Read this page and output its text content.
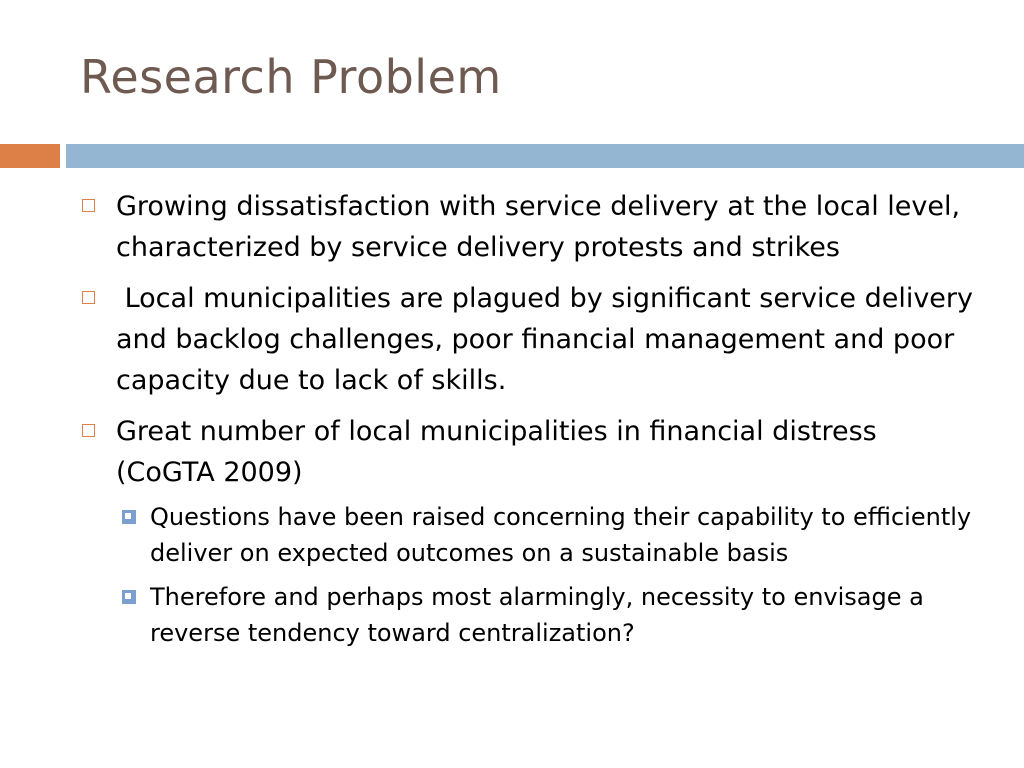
Research Problem
Growing dissatisfaction with service delivery at the local level, characterized by service delivery protests and strikes
Local municipalities are plagued by significant service delivery and backlog challenges, poor financial management and poor capacity due to lack of skills.
Great number of local municipalities in financial distress (CoGTA 2009)
Questions have been raised concerning their capability to efficiently deliver on expected outcomes on a sustainable basis
Therefore and perhaps most alarmingly, necessity to envisage a reverse tendency toward centralization?
